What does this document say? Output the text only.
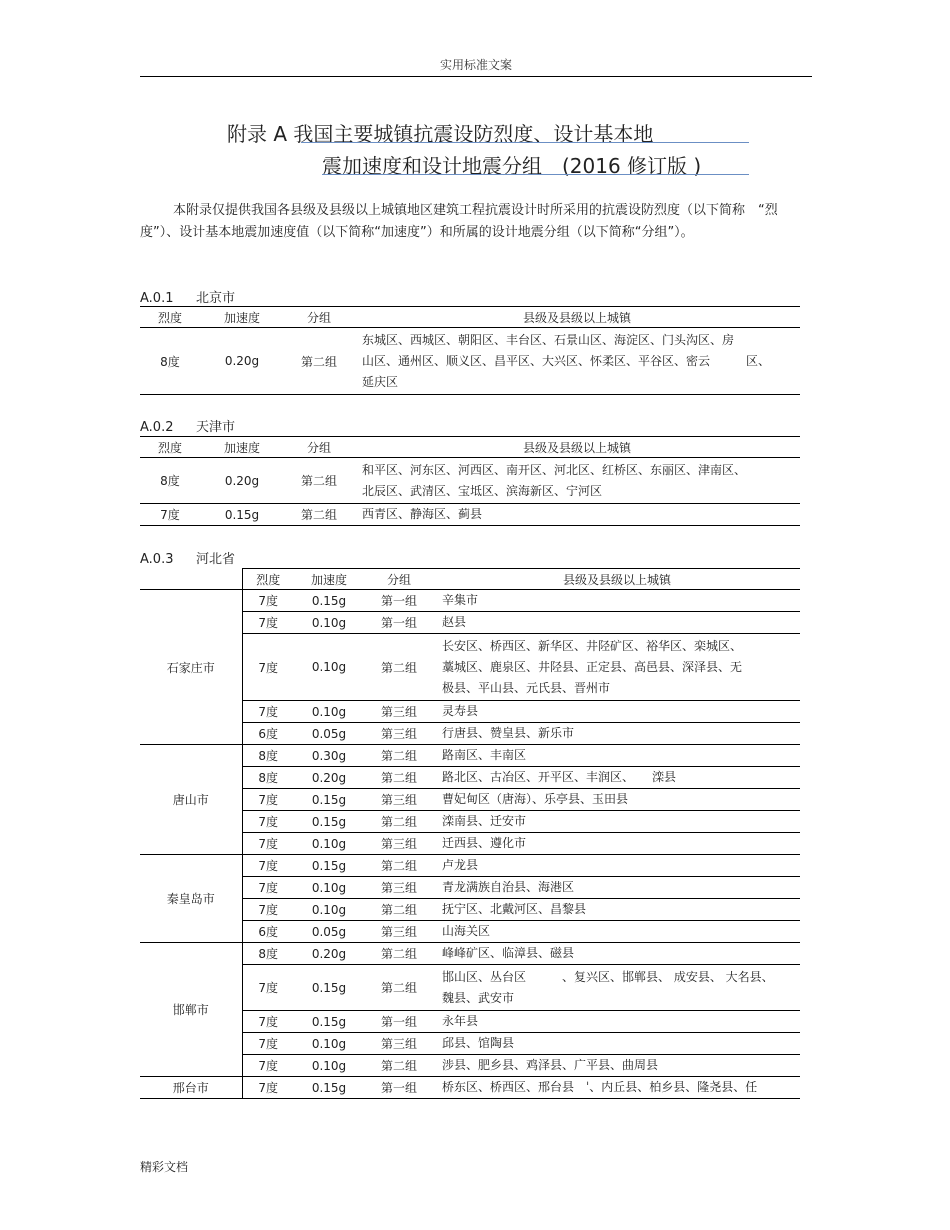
实用标准文案
附录 A 我国主要城镇抗震设防烈度、设计基本地
震加速度和设计地震分组　(2016 修订版 )

本附录仅提供我国各县级及县级以上城镇地区建筑工程抗震设计时所采用的抗震设防烈度（以下简称　“烈度”）、设计基本地震加速度值（以下简称“加速度”）和所属的设计地震分组（以下简称“分组”）。

A.0.1 北京市
烈度	加速度	分组	县级及县级以上城镇
8度	0.20g	第二组	东城区、西城区、朝阳区、丰台区、石景山区、海淀区、门头沟区、房
山区、通州区、顺义区、昌平区、大兴区、怀柔区、平谷区、密云　　　区、
延庆区
A.0.2 天津市
烈度	加速度	分组	县级及县级以上城镇
8度	0.20g	第二组	和平区、河东区、河西区、南开区、河北区、红桥区、东丽区、津南区、
北辰区、武清区、宝坻区、滨海新区、宁河区

7度	0.15g	第二组	西青区、静海区、蓟县
A.0.3 河北省
	烈度	加速度	分组	县级及县级以上城镇
石家庄市	7度	0.15g	第一组	辛集市

	7度	0.10g	第一组	赵县

	7度	0.10g	第二组	长安区、桥西区、新华区、井陉矿区、裕华区、栾城区、
藁城区、鹿泉区、井陉县、正定县、高邑县、深泽县、无
极县、平山县、元氏县、晋州市

	7度	0.10g	第三组	灵寿县

	6度	0.05g	第三组	行唐县、赞皇县、新乐市

唐山市	8度	0.30g	第二组	路南区、丰南区

	8度	0.20g	第二组	路北区、古冶区、开平区、丰润区、　　滦县

	7度	0.15g	第三组	曹妃甸区（唐海）、乐亭县、玉田县

	7度	0.15g	第二组	滦南县、迁安市

	7度	0.10g	第三组	迁西县、遵化市

秦皇岛市	7度	0.15g	第二组	卢龙县

	7度	0.10g	第三组	青龙满族自治县、海港区

	7度	0.10g	第二组	抚宁区、北戴河区、昌黎县

	6度	0.05g	第三组	山海关区

邯郸市	8度	0.20g	第二组	峰峰矿区、临漳县、磁县

	7度	0.15g	第二组	邯山区、丛台区　　　、复兴区、邯郸县、 成安县、 大名县、
魏县、武安市

	7度	0.15g	第一组	永年县

	7度	0.10g	第三组	邱县、馆陶县

	7度	0.10g	第二组	涉县、肥乡县、鸡泽县、广平县、曲周县

邢台市	7度	0.15g	第一组	桥东区、桥西区、邢台县　ˈ、内丘县、柏乡县、隆尧县、任
精彩文档
